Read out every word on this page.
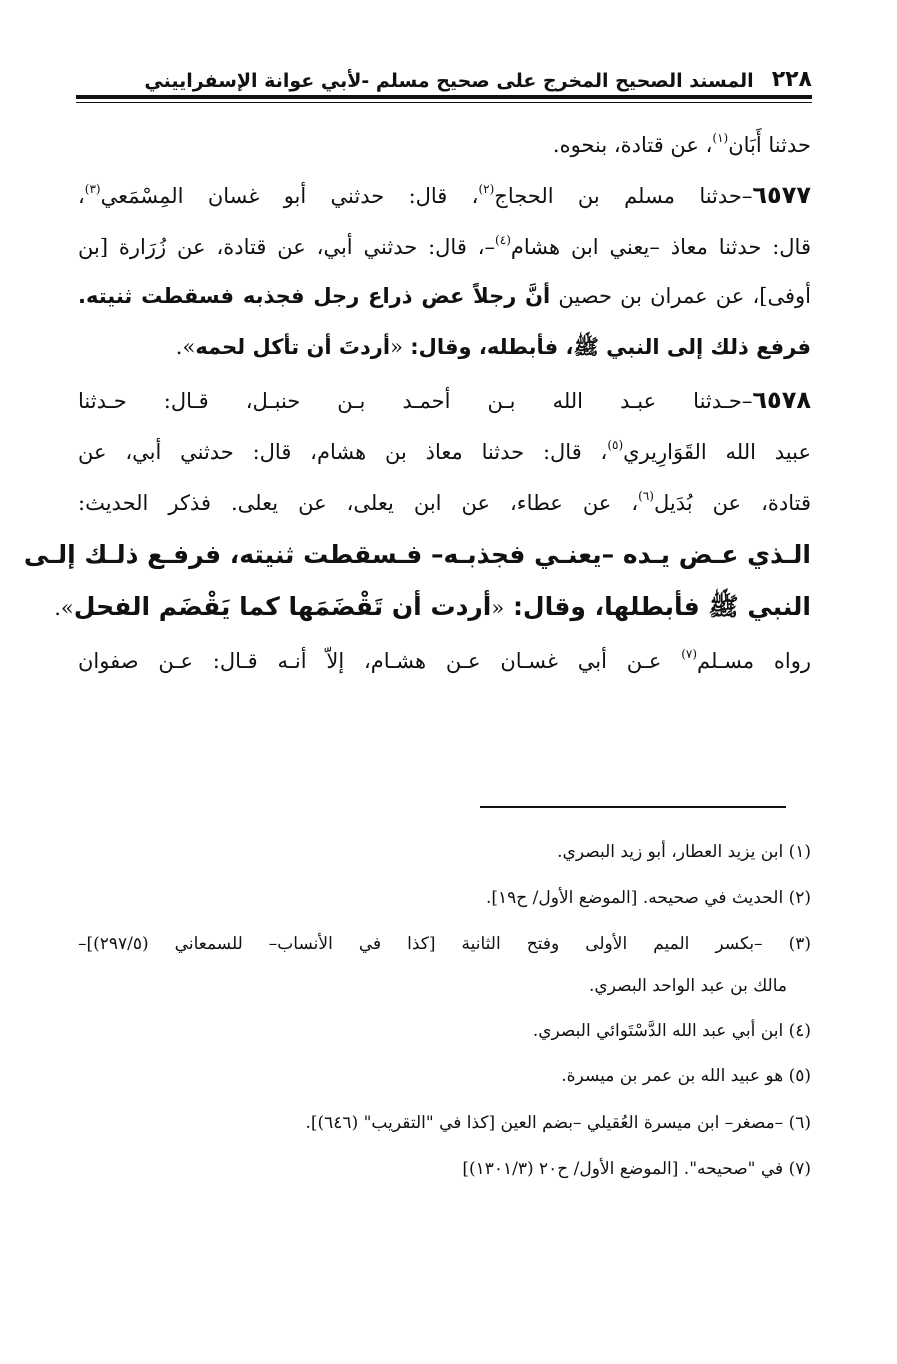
٢٢٨
المسند الصحيح المخرج على صحيح مسلم -لأبي عوانة الإسفراييني
حدثنا أَبَان$^{(١)}$، عن قتادة، بنحوه.
٦٥٧٧–حدثنا مسلم بن الحجاج$^{(٢)}$، قال: حدثني أبو غسان المِسْمَعي$^{(٣)}$،
قال: حدثنا معاذ –يعني ابن هشام$^{(٤)}$–، قال: حدثني أبي، عن قتادة، عن زُرَارة [بن
أوفى]، عن عمران بن حصين أنَّ رجلاً عض ذراع رجل فجذبه فسقطت ثنيته.
فرفع ذلك إلى النبي ﷺ، فأبطله، وقال: «أردتَ أن تأكل لحمه».
٦٥٧٨–حـدثنا عبـد الله بـن أحمـد بـن حنبـل، قـال: حـدثنا
عبيد الله القَوَارِيري$^{(٥)}$، قال: حدثنا معاذ بن هشام، قال: حدثني أبي، عن
قتادة، عن بُدَيل$^{(٦)}$، عن عطاء، عن ابن يعلى، عن يعلى. فذكر الحديث:
الـذي عـض يـده –يعنـي فجذبـه– فـسقطت ثنيته، فرفـع ذلـك إلـى
النبي ﷺ فأبطلها، وقال: «أردت أن تَقْضَمَها كما يَقْضَم الفحل».
رواه مسـلم$^{(٧)}$ عـن أبي غسـان عـن هشـام، إلاّ أنـه قـال: عـن صفوان
(١) ابن يزيد العطار، أبو زيد البصري.
(٢) الحديث في صحيحه. [الموضع الأول/ ح١٩].
(٣) –بكسر الميم الأولى وفتح الثانية [كذا في الأنساب– للسمعاني (٢٩٧/٥)]–
مالك بن عبد الواحد البصري.
(٤) ابن أبي عبد الله الدَّسْتَوائي البصري.
(٥) هو عبيد الله بن عمر بن ميسرة.
(٦) –مصغر– ابن ميسرة العُقيلي –بضم العين [كذا في "التقريب" (٦٤٦)].
(٧) في "صحيحه". [الموضع الأول/ ح٢٠ (١٣٠١/٣)]
